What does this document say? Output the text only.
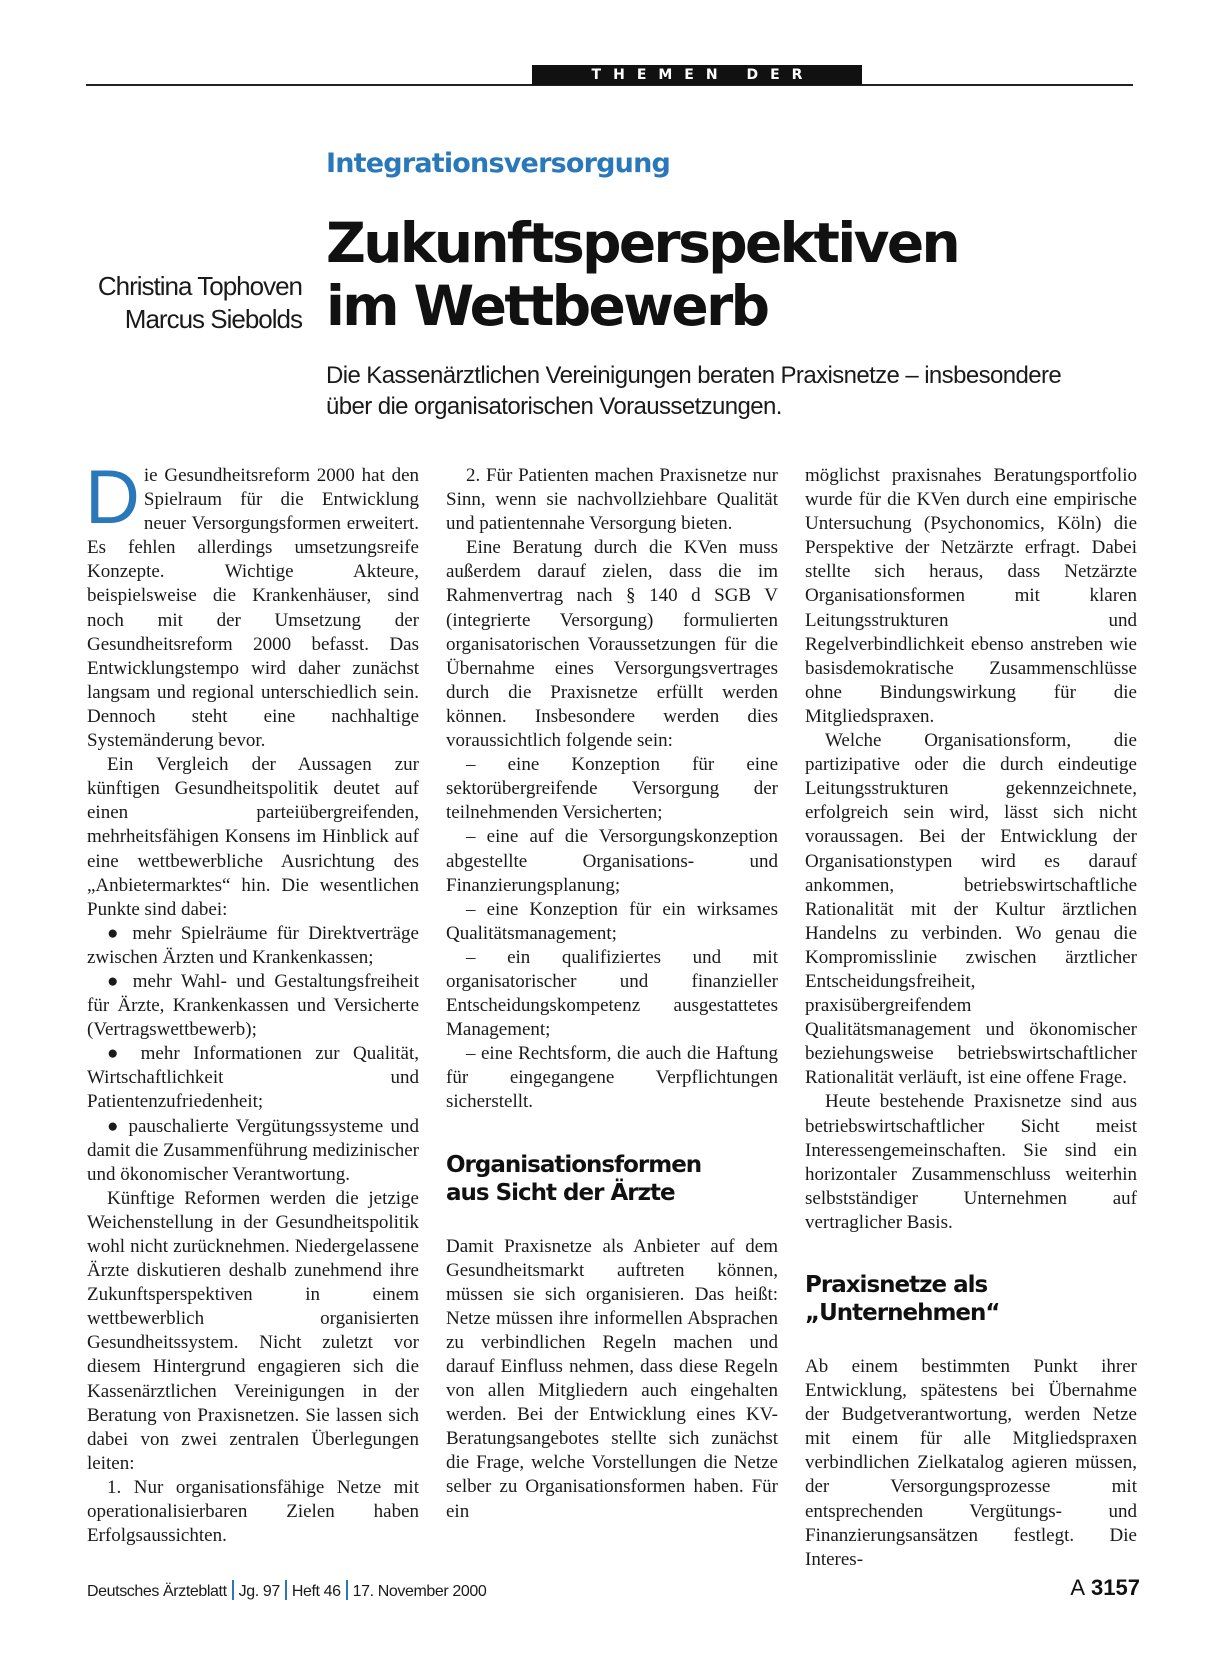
THEMEN DER ZEIT

Integrationsversorgung

Zukunftsperspektiven
im Wettbewerb
Christina Tophoven
Marcus Siebolds

Die Kassenärztlichen Vereinigungen beraten Praxisnetze – insbesondere über die organisatorischen Voraussetzungen.

Die Gesundheitsreform 2000 hat den Spielraum für die Entwicklung neuer Versorgungsformen erweitert. Es fehlen allerdings umsetzungsreife Konzepte. Wichtige Akteure, beispielsweise die Krankenhäuser, sind noch mit der Umsetzung der Gesundheitsreform 2000 befasst. Das Entwicklungstempo wird daher zunächst langsam und regional unterschiedlich sein. Dennoch steht eine nachhaltige Systemänderung bevor.

Ein Vergleich der Aussagen zur künftigen Gesundheitspolitik deutet auf einen parteiübergreifenden, mehrheitsfähigen Konsens im Hinblick auf eine wettbewerbliche Ausrichtung des „Anbietermarktes“ hin. Die wesentlichen Punkte sind dabei:

● mehr Spielräume für Direktverträge zwischen Ärzten und Krankenkassen;

● mehr Wahl- und Gestaltungsfreiheit für Ärzte, Krankenkassen und Versicherte (Vertragswettbewerb);

● mehr Informationen zur Qualität, Wirtschaftlichkeit und Patientenzufriedenheit;

● pauschalierte Vergütungssysteme und damit die Zusammenführung medizinischer und ökonomischer Verantwortung.

Künftige Reformen werden die jetzige Weichenstellung in der Gesundheitspolitik wohl nicht zurücknehmen. Niedergelassene Ärzte diskutieren deshalb zunehmend ihre Zukunftsperspektiven in einem wettbewerblich organisierten Gesundheitssystem. Nicht zuletzt vor diesem Hintergrund engagieren sich die Kassenärztlichen Vereinigungen in der Beratung von Praxisnetzen. Sie lassen sich dabei von zwei zentralen Überlegungen leiten:

1. Nur organisationsfähige Netze mit operationalisierbaren Zielen haben Erfolgsaussichten.

2. Für Patienten machen Praxisnetze nur Sinn, wenn sie nachvollziehbare Qualität und patientennahe Versorgung bieten.

Eine Beratung durch die KVen muss außerdem darauf zielen, dass die im Rahmenvertrag nach § 140 d SGB V (integrierte Versorgung) formulierten organisatorischen Voraussetzungen für die Übernahme eines Versorgungsvertrages durch die Praxisnetze erfüllt werden können. Insbesondere werden dies voraussichtlich folgende sein:

– eine Konzeption für eine sektorübergreifende Versorgung der teilnehmenden Versicherten;

– eine auf die Versorgungskonzeption abgestellte Organisations- und Finanzierungsplanung;

– eine Konzeption für ein wirksames Qualitätsmanagement;

– ein qualifiziertes und mit organisatorischer und finanzieller Entscheidungskompetenz ausgestattetes Management;

– eine Rechtsform, die auch die Haftung für eingegangene Verpflichtungen sicherstellt.

Organisationsformen
aus Sicht der Ärzte

Damit Praxisnetze als Anbieter auf dem Gesundheitsmarkt auftreten können, müssen sie sich organisieren. Das heißt: Netze müssen ihre informellen Absprachen zu verbindlichen Regeln machen und darauf Einfluss nehmen, dass diese Regeln von allen Mitgliedern auch eingehalten werden. Bei der Entwicklung eines KV-Beratungsangebotes stellte sich zunächst die Frage, welche Vorstellungen die Netze selber zu Organisationsformen haben. Für ein

möglichst praxisnahes Beratungsportfolio wurde für die KVen durch eine empirische Untersuchung (Psychonomics, Köln) die Perspektive der Netzärzte erfragt. Dabei stellte sich heraus, dass Netzärzte Organisationsformen mit klaren Leitungsstrukturen und Regelverbindlichkeit ebenso anstreben wie basisdemokratische Zusammenschlüsse ohne Bindungswirkung für die Mitgliedspraxen.

Welche Organisationsform, die partizipative oder die durch eindeutige Leitungsstrukturen gekennzeichnete, erfolgreich sein wird, lässt sich nicht voraussagen. Bei der Entwicklung der Organisationstypen wird es darauf ankommen, betriebswirtschaftliche Rationalität mit der Kultur ärztlichen Handelns zu verbinden. Wo genau die Kompromisslinie zwischen ärztlicher Entscheidungsfreiheit, praxisübergreifendem Qualitätsmanagement und ökonomischer beziehungsweise betriebswirtschaftlicher Rationalität verläuft, ist eine offene Frage.

Heute bestehende Praxisnetze sind aus betriebswirtschaftlicher Sicht meist Interessengemeinschaften. Sie sind ein horizontaler Zusammenschluss weiterhin selbstständiger Unternehmen auf vertraglicher Basis.

Praxisnetze als
„Unternehmen“

Ab einem bestimmten Punkt ihrer Entwicklung, spätestens bei Übernahme der Budgetverantwortung, werden Netze mit einem für alle Mitgliedspraxen verbindlichen Zielkatalog agieren müssen, der Versorgungsprozesse mit entsprechenden Vergütungs- und Finanzierungsansätzen festlegt. Die Interes-

Deutsches Ärzteblatt Jg. 97 Heft 46 17. November 2000	A 3157
